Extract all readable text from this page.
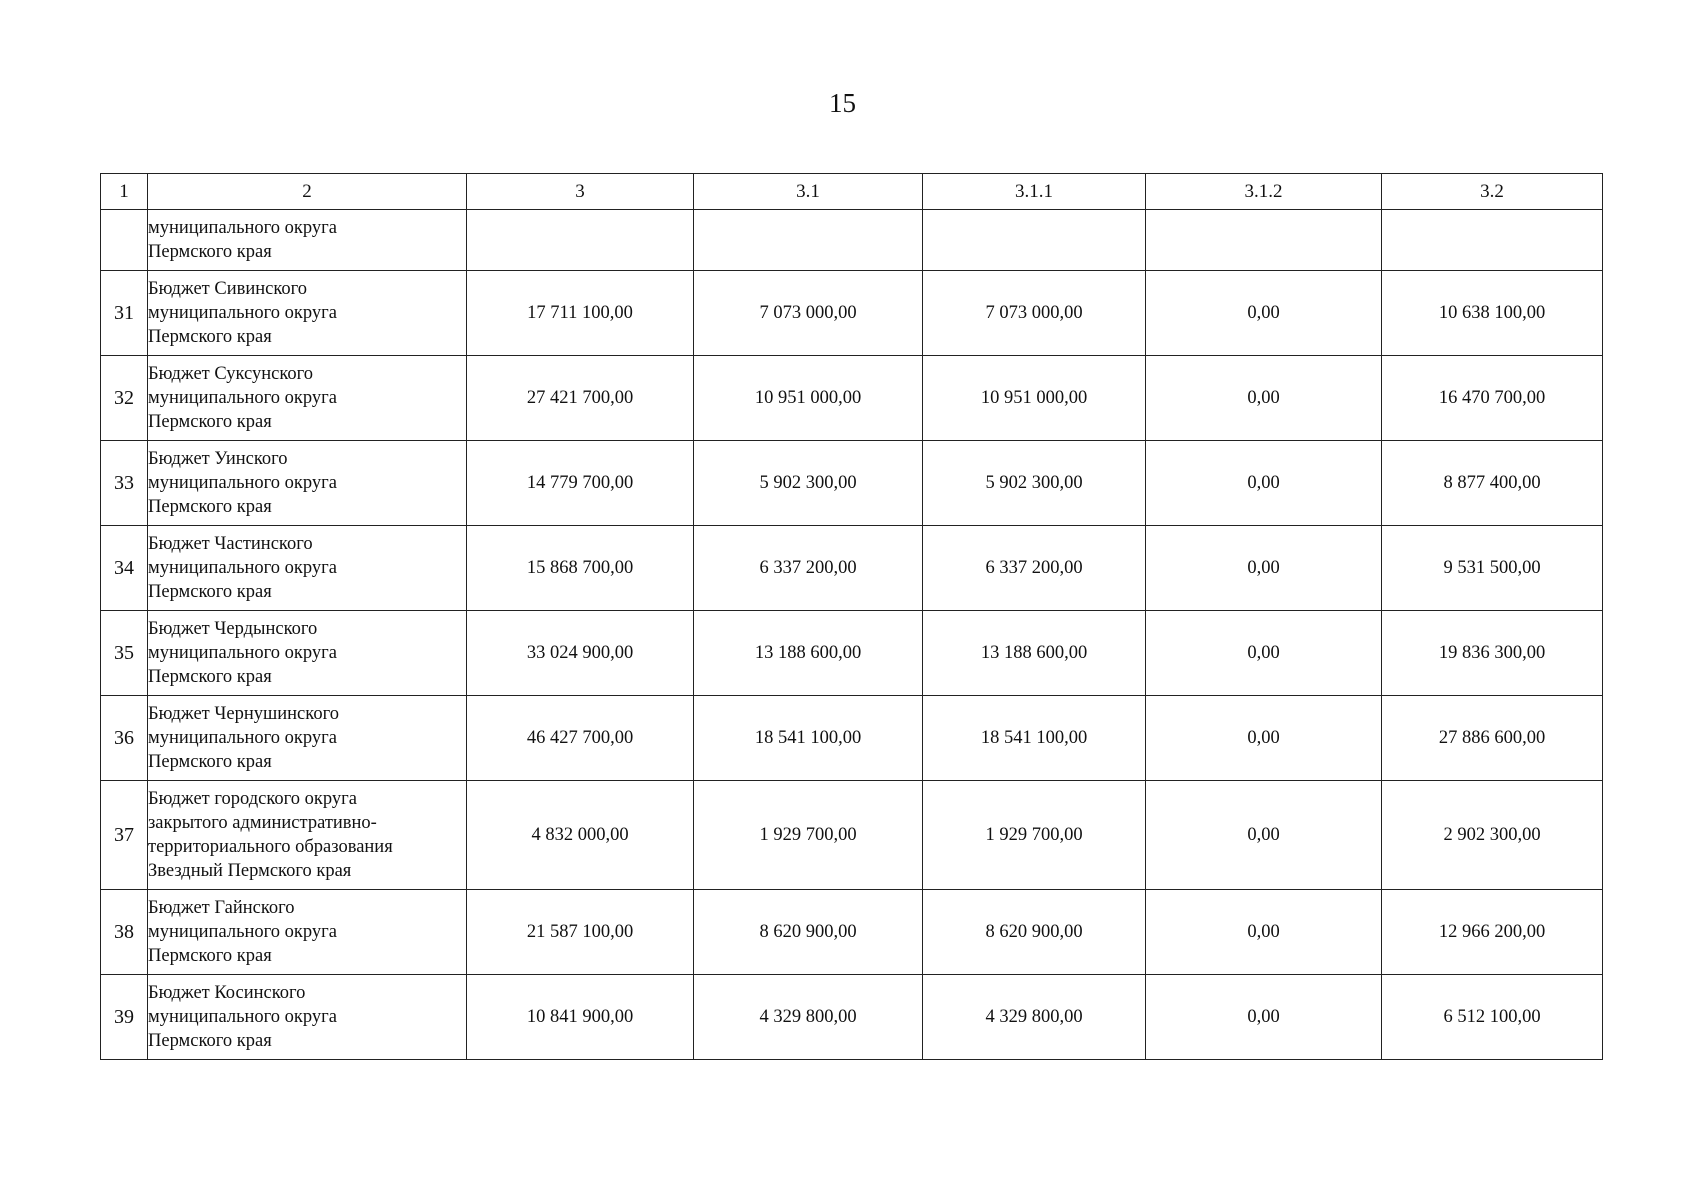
15
1	2	3	3.1	3.1.1	3.1.2	3.2
	муниципального округа
Пермского края					
31	Бюджет Сивинского
муниципального округа
Пермского края	17 711 100,00	7 073 000,00	7 073 000,00	0,00	10 638 100,00
32	Бюджет Суксунского
муниципального округа
Пермского края	27 421 700,00	10 951 000,00	10 951 000,00	0,00	16 470 700,00
33	Бюджет Уинского
муниципального округа
Пермского края	14 779 700,00	5 902 300,00	5 902 300,00	0,00	8 877 400,00
34	Бюджет Частинского
муниципального округа
Пермского края	15 868 700,00	6 337 200,00	6 337 200,00	0,00	9 531 500,00
35	Бюджет Чердынского
муниципального округа
Пермского края	33 024 900,00	13 188 600,00	13 188 600,00	0,00	19 836 300,00
36	Бюджет Чернушинского
муниципального округа
Пермского края	46 427 700,00	18 541 100,00	18 541 100,00	0,00	27 886 600,00
37	Бюджет городского округа
закрытого административно-
территориального образования
Звездный Пермского края	4 832 000,00	1 929 700,00	1 929 700,00	0,00	2 902 300,00
38	Бюджет Гайнского
муниципального округа
Пермского края	21 587 100,00	8 620 900,00	8 620 900,00	0,00	12 966 200,00
39	Бюджет Косинского
муниципального округа
Пермского края	10 841 900,00	4 329 800,00	4 329 800,00	0,00	6 512 100,00
